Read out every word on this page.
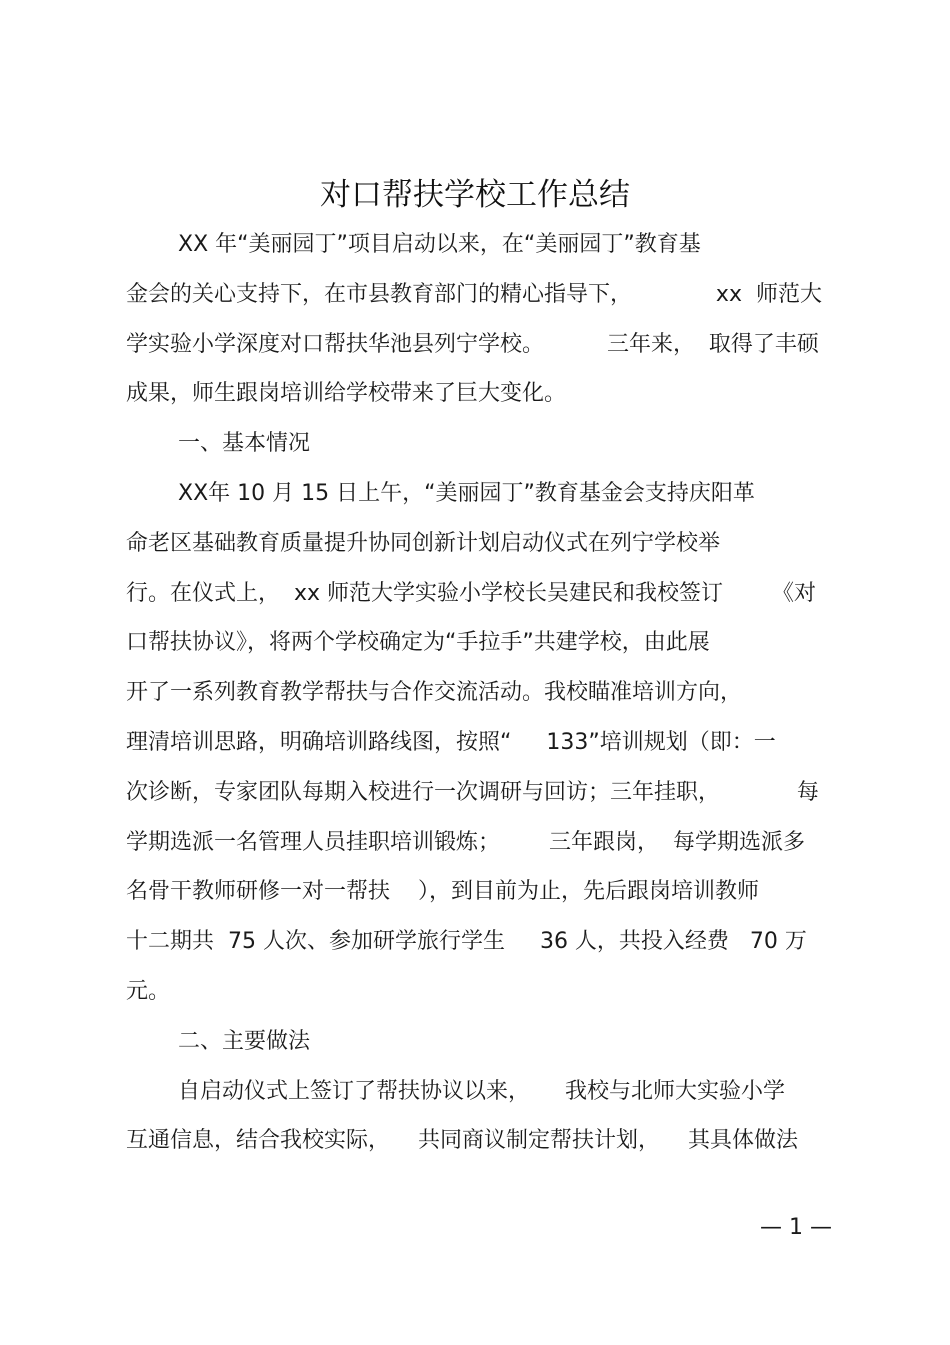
对口帮扶学校工作总结
XX 年“美丽园丁”项目启动以来，在“美丽园丁”教育基
金会的关心支持下，在市县教育部门的精心指导下，            xx  师范大
学实验小学深度对口帮扶华池县列宁学校。         三年来，  取得了丰硕
成果，师生跟岗培训给学校带来了巨大变化。
一、基本情况
XX年 10 月 15 日上午，“美丽园丁”教育基金会支持庆阳革
命老区基础教育质量提升协同创新计划启动仪式在列宁学校举
行。在仪式上，  xx 师范大学实验小学校长吴建民和我校签订       《对
口帮扶协议》，将两个学校确定为“手拉手”共建学校，由此展
开了一系列教育教学帮扶与合作交流活动。我校瞄准培训方向，
理清培训思路，明确培训路线图，按照“     133”培训规划（即：一
次诊断，专家团队每期入校进行一次调研与回访；三年挂职，           每
学期选派一名管理人员挂职培训锻炼；       三年跟岗，  每学期选派多
名骨干教师研修一对一帮扶    ），到目前为止，先后跟岗培训教师
十二期共  75 人次、参加研学旅行学生     36 人，共投入经费   70 万
元。
二、主要做法
自启动仪式上签订了帮扶协议以来，     我校与北师大实验小学
互通信息，结合我校实际，    共同商议制定帮扶计划，    其具体做法
— 1 —
